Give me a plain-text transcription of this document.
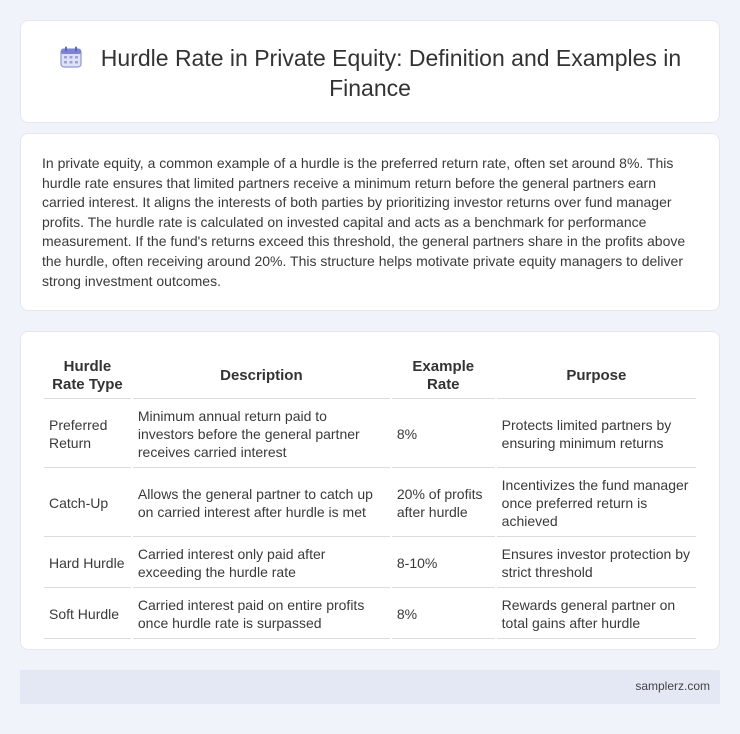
Hurdle Rate in Private Equity: Definition and Examples in Finance

In private equity, a common example of a hurdle is the preferred return rate, often set around 8%. This hurdle rate ensures that limited partners receive a minimum return before the general partners earn carried interest. It aligns the interests of both parties by prioritizing investor returns over fund manager profits. The hurdle rate is calculated on invested capital and acts as a benchmark for performance measurement. If the fund's returns exceed this threshold, the general partners share in the profits above the hurdle, often receiving around 20%. This structure helps motivate private equity managers to deliver strong investment outcomes.

Hurdle Rate Type	Description	Example Rate	Purpose
Preferred Return	Minimum annual return paid to investors before the general partner receives carried interest	8%	Protects limited partners by ensuring minimum returns
Catch-Up	Allows the general partner to catch up on carried interest after hurdle is met	20% of profits after hurdle	Incentivizes the fund manager once preferred return is achieved
Hard Hurdle	Carried interest only paid after exceeding the hurdle rate	8-10%	Ensures investor protection by strict threshold
Soft Hurdle	Carried interest paid on entire profits once hurdle rate is surpassed	8%	Rewards general partner on total gains after hurdle
samplerz.com
